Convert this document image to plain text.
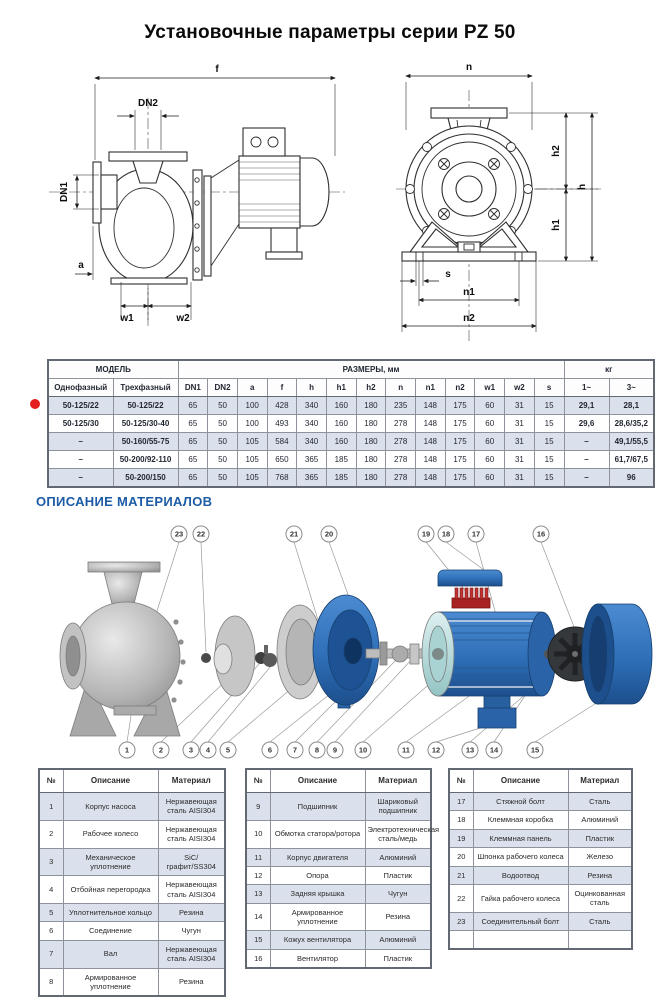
Установочные параметры серии PZ 50
f
DN2
DN1
a
w1	w2
n
h2
h
h1
s
n1
n2
МОДЕЛЬ		РАЗМЕРЫ, мм													кг	
Однофазный	Трехфазный	DN1	DN2	a	f	h	h1	h2	n	n1	n2	w1	w2	s	1~	3~
50-125/22	50-125/22	65	50	100	428	340	160	180	235	148	175	60	31	15	29,1	28,1
50-125/30	50-125/30-40	65	50	100	493	340	160	180	278	148	175	60	31	15	29,6	28,6/35,2
–	50-160/55-75	65	50	105	584	340	160	180	278	148	175	60	31	15	–	49,1/55,5
–	50-200/92-110	65	50	105	650	365	185	180	278	148	175	60	31	15	–	61,7/67,5
–	50-200/150	65	50	105	768	365	185	180	278	148	175	60	31	15	–	96
ОПИСАНИЕ МАТЕРИАЛОВ
23 22	21	20	19 18	17	16
1	2	3 4 5	6	7 8 9	10	11	12	13 14	15
№	Описание	Материал
1	Корпус насоса	Нержавеющая сталь AISI304
2	Рабочее колесо	Нержавеющая сталь AISI304
3	Механическое уплотнение	SiC/графит/SS304
4	Отбойная перегородка	Нержавеющая сталь AISI304
5	Уплотнительное кольцо	Резина
6	Соединение	Чугун
7	Вал	Нержавеющая сталь AISI304
8	Армированное уплотнение	Резина
№	Описание	Материал
9	Подшипник	Шариковый подшипник
10	Обмотка статора/ротора	Электротехническая сталь/медь
11	Корпус двигателя	Алюминий
12	Опора	Пластик
13	Задняя крышка	Чугун
14	Армированное уплотнение	Резина
15	Кожух вентилятора	Алюминий
16	Вентилятор	Пластик
№	Описание	Материал
17	Стяжной болт	Сталь
18	Клеммная коробка	Алюминий
19	Клеммная панель	Пластик
20	Шпонка рабочего колеса	Железо
21	Водоотвод	Резина
22	Гайка рабочего колеса	Оцинкованная сталь
23	Соединительный болт	Сталь
